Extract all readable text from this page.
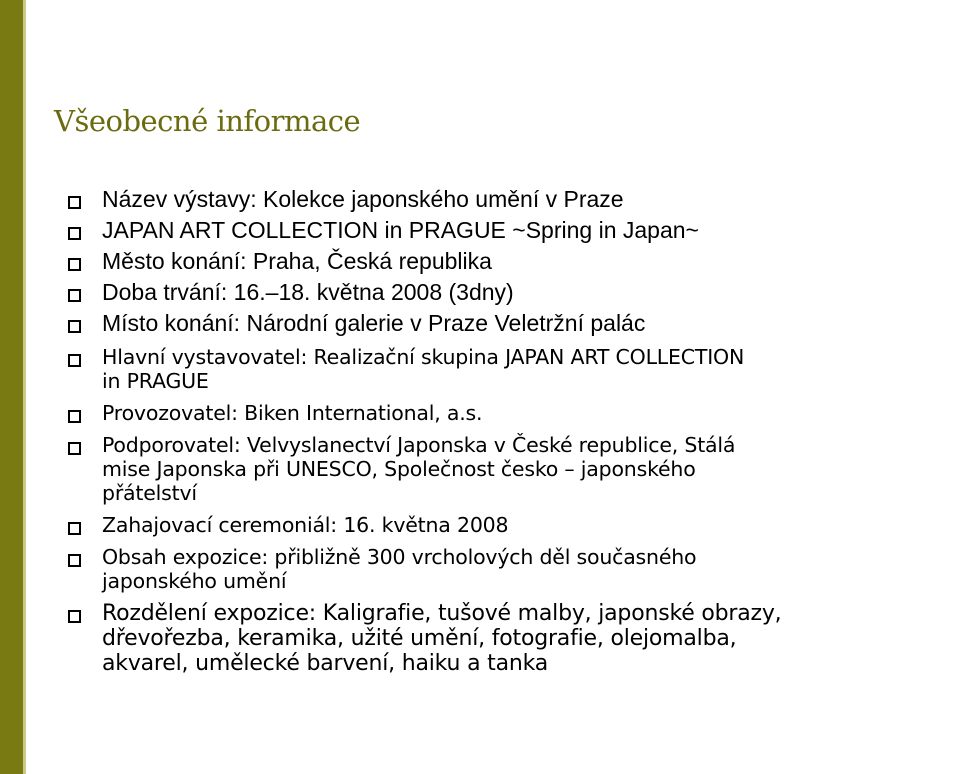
Všeobecné informace
Název výstavy: Kolekce japonského umění v Praze
JAPAN ART COLLECTION in PRAGUE ~Spring in Japan~
Město konání: Praha, Česká republika
Doba trvání: 16.–18. května 2008 (3dny)
Místo konání: Národní galerie v Praze Veletržní palác
Hlavní vystavovatel: Realizační skupina JAPAN ART COLLECTION
in PRAGUE
Provozovatel: Biken International, a.s.
Podporovatel: Velvyslanectví Japonska v České republice, Stálá
mise Japonska při UNESCO, Společnost česko – japonského
přátelství
Zahajovací ceremoniál: 16. května 2008
Obsah expozice: přibližně 300 vrcholových děl současného
japonského umění
Rozdělení expozice: Kaligrafie, tušové malby, japonské obrazy,
dřevořezba, keramika, užité umění, fotografie, olejomalba,
akvarel, umělecké barvení, haiku a tanka
